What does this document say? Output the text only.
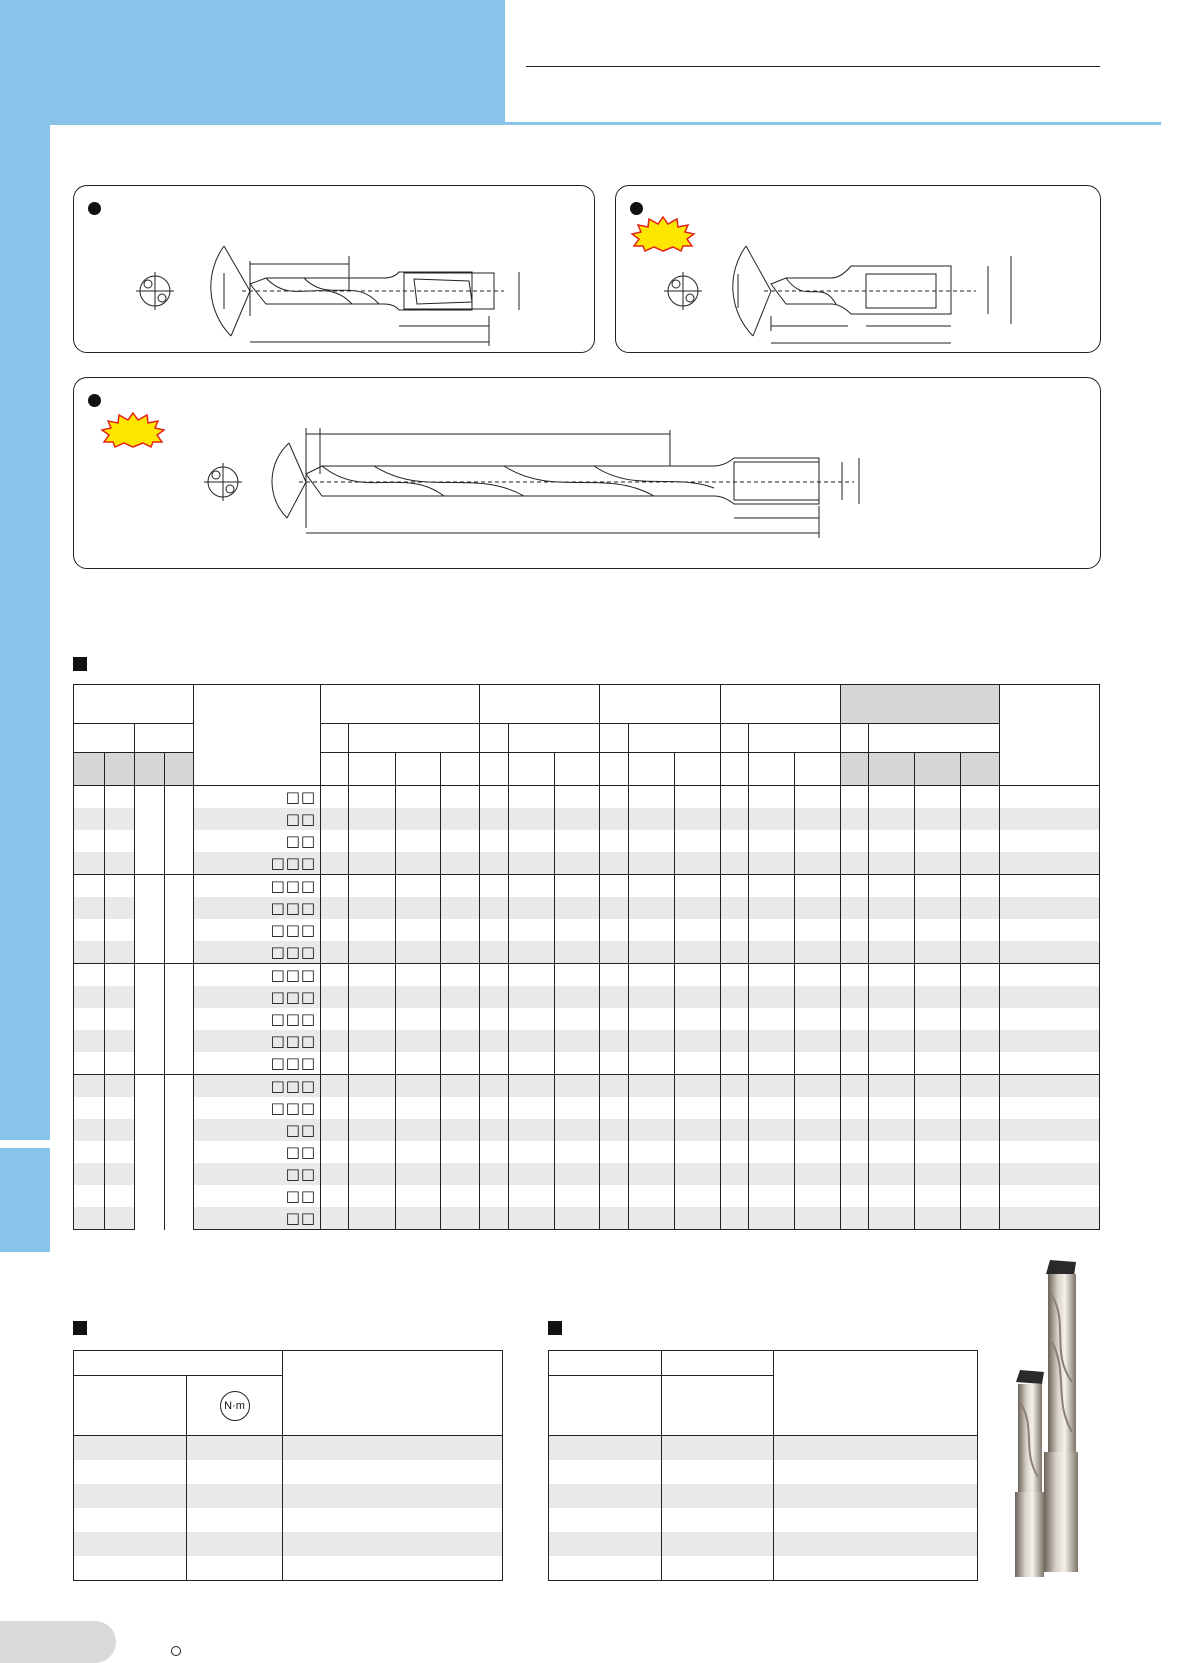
				□□																		
				□□																		
				□□																		
				□□□																		
				□□□																		
				□□□																		
				□□□																		
				□□□																		
				□□□																		
				□□□																		
				□□□																		
				□□□																		
				□□□																		
				□□□																		
				□□□																		
				□□																		
				□□																		
				□□																		
				□□																		
				□□																		

	N·m	
